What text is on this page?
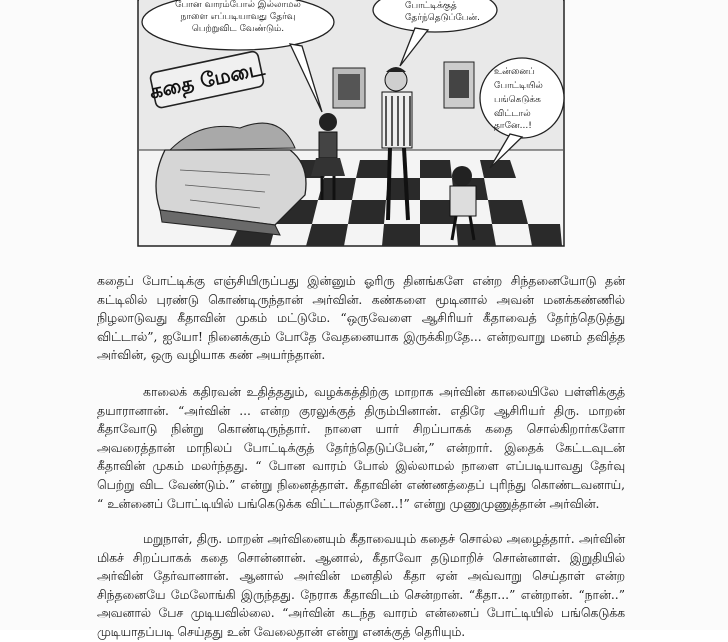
கதை மேடை
போன வாரம்போல் இல்லாமல்
நாளை எப்படியாவது தேர்வு
பெற்றுவிட வேண்டும்.
போட்டிக்குத்
தேர்ந்தெடுப்பேன்.
உன்னைப்
போட்டியில்
பங்கெடுக்க
விட்டால்
தானே...!

கதைப் போட்டிக்கு எஞ்சியிருப்பது இன்னும் ஓரிரு தினங்களே என்ற சிந்தனையோடு தன் கட்டிலில் புரண்டு கொண்டிருந்தான் அர்வின். கண்களை மூடினால் அவன் மனக்கண்ணில் நிழலாடுவது கீதாவின் முகம் மட்டுமே. “ஒருவேளை ஆசிரியர் கீதாவைத் தேர்ந்தெடுத்து விட்டால்”, ஐயோ! நினைக்கும் போதே வேதனையாக இருக்கிறதே... என்றவாறு மனம் தவித்த அர்வின், ஒரு வழியாக கண் அயர்ந்தான்.

காலைக் கதிரவன் உதித்ததும், வழக்கத்திற்கு மாறாக அர்வின் காலையிலே பள்ளிக்குத் தயாரானான். “அர்வின் ... என்ற குரலுக்குத் திரும்பினான். எதிரே ஆசிரியர் திரு. மாறன் கீதாவோடு நின்று கொண்டிருந்தார். நாளை யார் சிறப்பாகக் கதை சொல்கிறார்களோ அவரைத்தான் மாநிலப் போட்டிக்குத் தேர்ந்தெடுப்பேன்,” என்றார். இதைக் கேட்டவுடன் கீதாவின் முகம் மலர்ந்தது. “ போன வாரம் போல் இல்லாமல் நாளை எப்படியாவது தேர்வு பெற்று விட வேண்டும்.” என்று நினைத்தாள். கீதாவின் எண்ணத்தைப் புரிந்து கொண்டவனாய், “ உன்னைப் போட்டியில் பங்கெடுக்க விட்டால்தானே..!” என்று முணுமுணுத்தான் அர்வின்.

மறுநாள், திரு. மாறன் அர்வினையும் கீதாவையும் கதைச் சொல்ல அழைத்தார். அர்வின் மிகச் சிறப்பாகக் கதை சொன்னான். ஆனால், கீதாவோ தடுமாறிச் சொன்னாள். இறுதியில் அர்வின் தேர்வானான். ஆனால் அர்வின் மனதில் கீதா ஏன் அவ்வாறு செய்தாள் என்ற சிந்தனையே மேலோங்கி இருந்தது. நேராக கீதாவிடம் சென்றான். “கீதா...” என்றான். “நான்..” அவனால் பேச முடியவில்லை. “அர்வின் கடந்த வாரம் என்னைப் போட்டியில் பங்கெடுக்க முடியாதப்படி செய்தது உன் வேலைதான் என்று எனக்குத் தெரியும்.
